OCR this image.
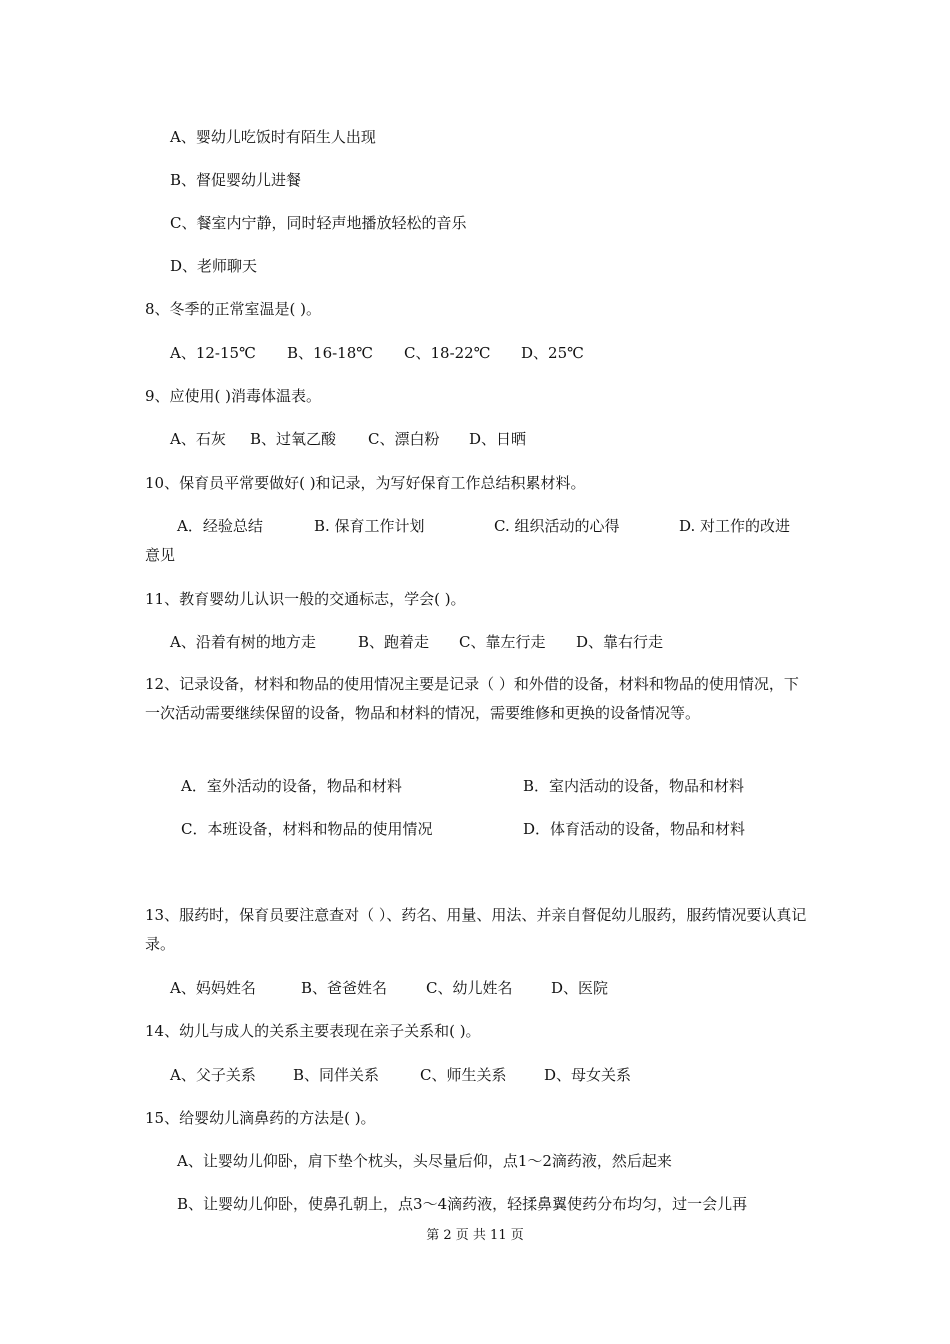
A、婴幼儿吃饭时有陌生人出现
B、督促婴幼儿进餐
C、餐室内宁静，同时轻声地播放轻松的音乐
D、老师聊天
8、冬季的正常室温是( )。
A、12-15℃ B、16-18℃ C、18-22℃ D、25℃
9、应使用( )消毒体温表。
A、石灰 B、过氧乙酸 C、漂白粉 D、日晒
10、保育员平常要做好( )和记录，为写好保育工作总结积累材料。
A．经验总结	B. 保育工作计划	C. 组织活动的心得	D. 对工作的改进
意见
11、教育婴幼儿认识一般的交通标志，学会( )。
A、沿着有树的地方走	B、跑着走 C、靠左行走 D、靠右行走
12、记录设备，材料和物品的使用情况主要是记录（ ）和外借的设备，材料和物品的使用情况，下一次活动需要继续保留的设备，物品和材料的情况，需要维修和更换的设备情况等。
A．室外活动的设备，物品和材料	B．室内活动的设备，物品和材料
C．本班设备，材料和物品的使用情况	D．体育活动的设备，物品和材料
13、服药时，保育员要注意查对（ ）、药名、用量、用法、并亲自督促幼儿服药，服药情况要认真记录。
A、妈妈姓名	B、爸爸姓名	C、幼儿姓名	D、医院
14、幼儿与成人的关系主要表现在亲子关系和( )。
A、父子关系 B、同伴关系	C、师生关系	D、母女关系
15、给婴幼儿滴鼻药的方法是( )。
A、让婴幼儿仰卧，肩下垫个枕头，头尽量后仰，点1～2滴药液，然后起来
B、让婴幼儿仰卧，使鼻孔朝上，点3～4滴药液，轻揉鼻翼使药分布均匀，过一会儿再
第 2 页 共 11 页
